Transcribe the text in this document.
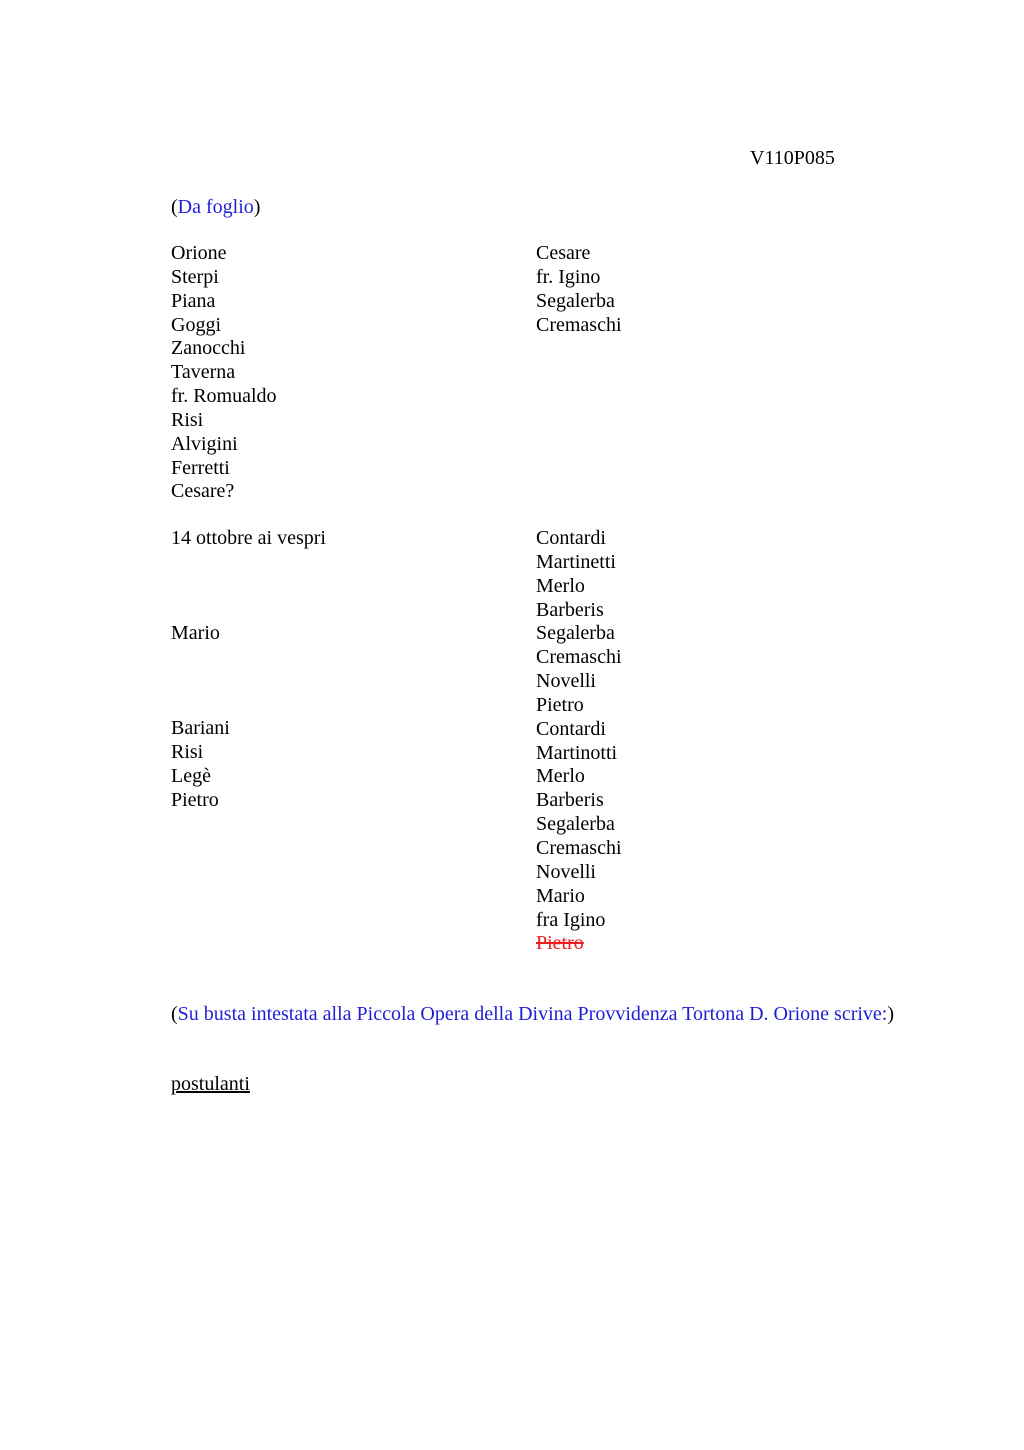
V110P085
(Da foglio)
Orione
Sterpi
Piana
Goggi
Zanocchi
Taverna
fr. Romualdo
Risi
Alvigini
Ferretti
Cesare?
Cesare
fr. Igino
Segalerba
Cremaschi
14 ottobre ai vespri
Mario
Bariani
Risi
Legè
Pietro
Contardi
Martinetti
Merlo
Barberis
Segalerba
Cremaschi
Novelli
Pietro
Contardi
Martinotti
Merlo
Barberis
Segalerba
Cremaschi
Novelli
Mario
fra Igino
Pietro
(Su busta intestata alla Piccola Opera della Divina Provvidenza Tortona D. Orione scrive:)
postulanti
